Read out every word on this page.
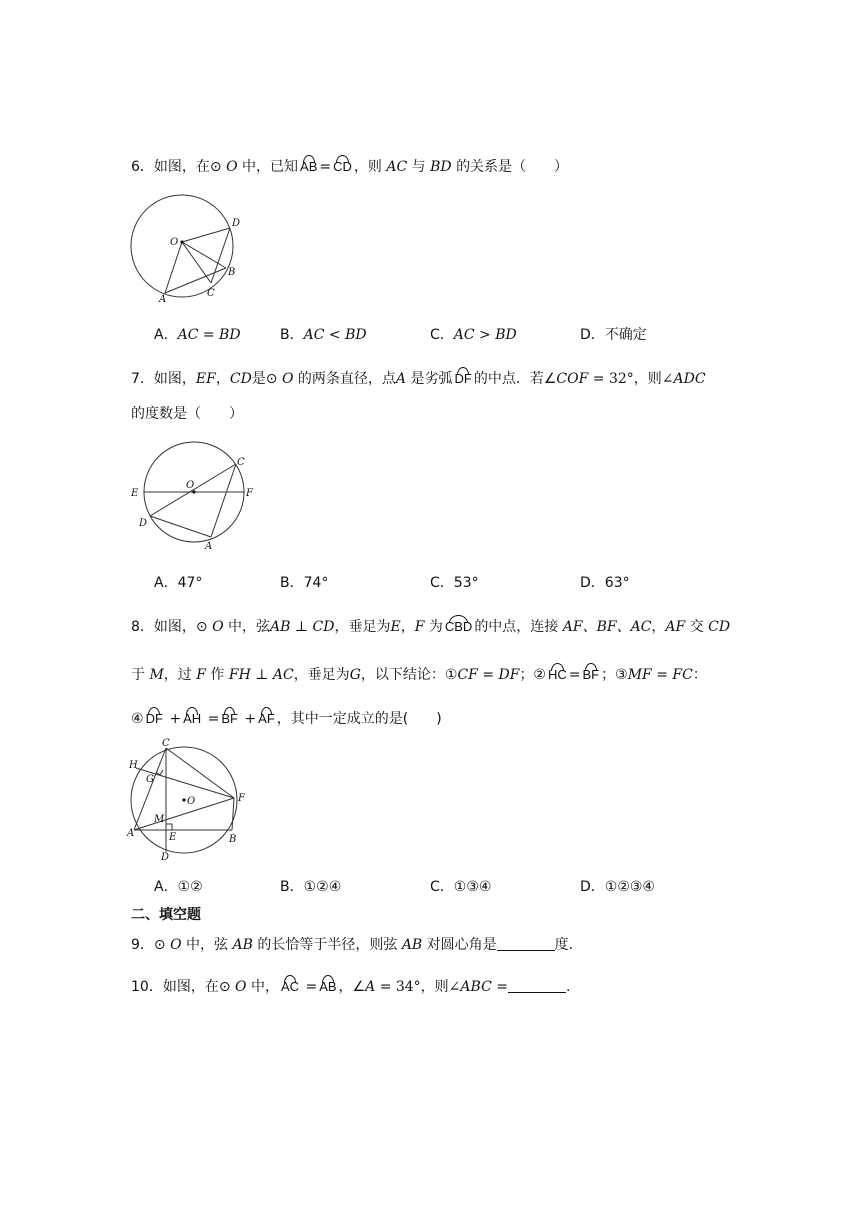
6．如图，在⊙ O 中，已知 AB = CD ，则 AC 与 BD 的关系是（　　）
O
D
B
C
A
A．AC = BD	B．AC < BD	C．AC > BD	D．不确定
7．如图，EF，CD是⊙ O 的两条直径，点A 是劣弧 DF 的中点．若∠COF = 32°，则∠ADC
的度数是（　　）
C
O
E	F
D
A
A．47°	B．74°	C．53°	D．63°
8．如图，⊙ O 中，弦AB ⊥ CD，垂足为E，F 为 CBD 的中点，连接 AF、BF、AC，AF 交 CD
于 M，过 F 作 FH ⊥ AC，垂足为G，以下结论：①CF = DF；② HC = BF ；③MF = FC：
④ DF + AH = BF + AF ，其中一定成立的是(　　)
C
H
G
O	F
M
A	E	B
D
A．①②	B．①②④	C．①③④	D．①②③④
二、填空题
9．⊙ O 中，弦 AB 的长恰等于半径，则弦 AB 对圆心角是	度.
10．如图，在⊙ O 中， AC = AB ，∠A = 34°，则∠ABC =	.
